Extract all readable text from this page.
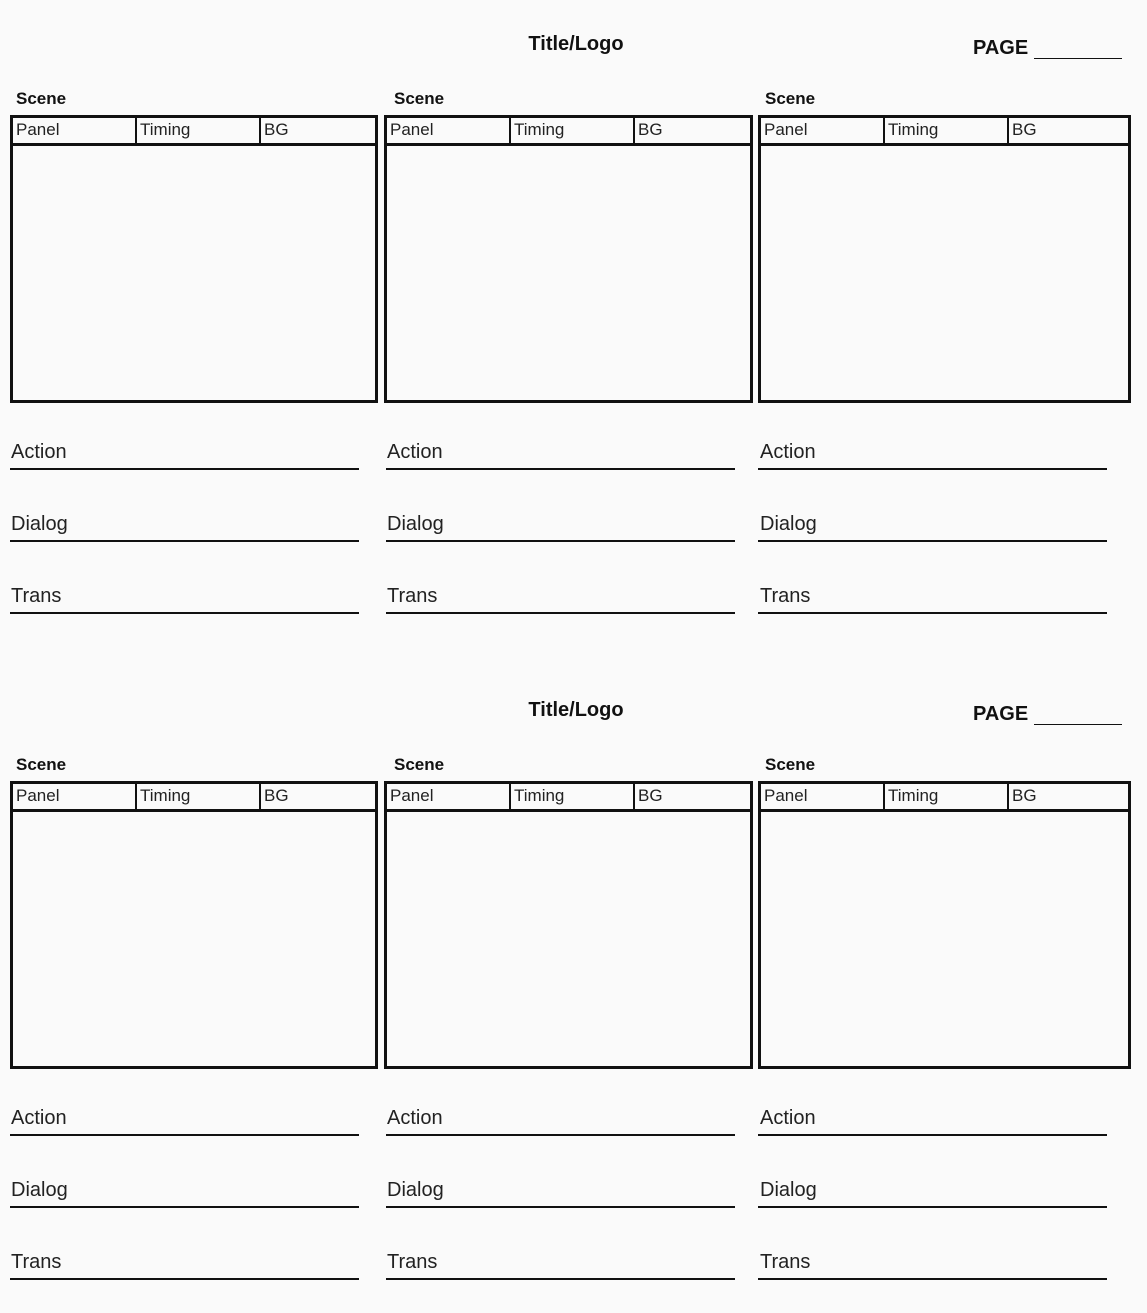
Title/Logo	PAGE
Scene
Panel	Timing	BG
Action
Dialog
Trans
Scene
Panel	Timing	BG
Action
Dialog
Trans
Scene
Panel	Timing	BG
Action
Dialog
Trans
Title/Logo	PAGE
Scene
Panel	Timing	BG
Action
Dialog
Trans
Scene
Panel	Timing	BG
Action
Dialog
Trans
Scene
Panel	Timing	BG
Action
Dialog
Trans
